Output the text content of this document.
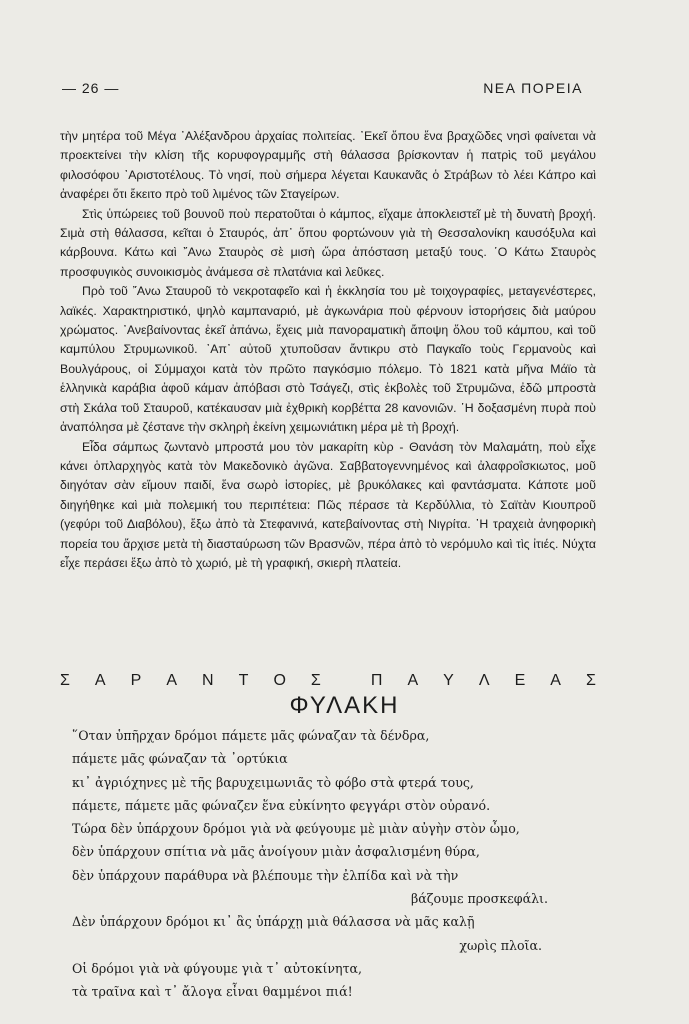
— 26 —	ΝΕΑ ΠΟΡΕΙΑ

τὴν μητέρα τοῦ Μέγα ᾿Αλέξανδρου ἀρχαίας πολιτείας. ᾿Εκεῖ ὅπου ἕνα βραχῶδες νησὶ φαίνεται νὰ προεκτείνει τὴν κλίση τῆς κορυφογραμμῆς στὴ θάλασσα βρίσκονταν ἡ πατρὶς τοῦ μεγάλου φιλοσόφου ᾿Αριστοτέλους. Τὸ νησί, ποὺ σήμερα λέγεται Καυκανᾶς ὁ Στράβων τὸ λέει Κάπρο καὶ ἀναφέρει ὅτι ἔκειτο πρὸ τοῦ λιμένος τῶν Σταγείρων.

Στὶς ὑπώρειες τοῦ βουνοῦ ποὺ περατοῦται ὁ κάμπος, εἴχαμε ἀποκλειστεῖ μὲ τὴ δυνατὴ βροχή. Σιμὰ στὴ θάλασσα, κεῖται ὁ Σταυρός, ἀπ᾿ ὅπου φορτώνουν γιὰ τὴ Θεσσαλονίκη καυσόξυλα καὶ κάρβουνα. Κάτω καὶ ῎Ανω Σταυρὸς σὲ μισὴ ὥρα ἀπόσταση μεταξύ τους. ῾Ο Κάτω Σταυρὸς προσφυγικὸς συνοικισμὸς ἀνάμεσα σὲ πλατάνια καὶ λεῦκες.

Πρὸ τοῦ ῎Ανω Σταυροῦ τὸ νεκροταφεῖο καὶ ἡ ἐκκλησία του μὲ τοιχογραφίες, μεταγενέστερες, λαϊκές. Χαρακτηριστικό, ψηλὸ καμπαναριό, μὲ ἀγκωνάρια ποὺ φέρνουν ἱστορήσεις διὰ μαύρου χρώματος. ᾿Ανεβαίνοντας ἐκεῖ ἀπάνω, ἔχεις μιὰ πανοραματικὴ ἄποψη ὅλου τοῦ κάμπου, καὶ τοῦ καμπύλου Στρυμωνικοῦ. ᾿Απ᾿ αὐτοῦ χτυποῦσαν ἄντικρυ στὸ Παγκαῖο τοὺς Γερμανοὺς καὶ Βουλγάρους, οἱ Σύμμαχοι κατὰ τὸν πρῶτο παγκόσμιο πόλεμο. Τὸ 1821 κατὰ μῆνα Μάϊο τὰ ἑλληνικὰ καράβια ἀφοῦ κάμαν ἀπόβασι στὸ Τσάγεζι, στὶς ἐκβολὲς τοῦ Στρυμῶνα, ἐδῶ μπροστὰ στὴ Σκάλα τοῦ Σταυροῦ, κατέκαυσαν μιὰ ἐχθρικὴ κορβέττα 28 κανονιῶν. ῾Η δοξασμένη πυρὰ ποὺ ἀναπόλησα μὲ ζέστανε τὴν σκληρὴ ἐκείνη χειμωνιάτικη μέρα μὲ τὴ βροχή.

Εἶδα σάμπως ζωντανὸ μπροστά μου τὸν μακαρίτη κὺρ - Θανάση τὸν Μαλαμάτη, ποὺ εἶχε κάνει ὁπλαρχηγὸς κατὰ τὸν Μακεδονικὸ ἀγῶνα. Σαββατογεννημένος καὶ ἀλαφροΐσκιωτος, μοῦ διηγόταν σὰν εἴμουν παιδί, ἕνα σωρὸ ἱστορίες, μὲ βρυκόλακες καὶ φαντάσματα. Κάποτε μοῦ διηγήθηκε καὶ μιὰ πολεμική του περιπέτεια: Πῶς πέρασε τὰ Κερδύλλια, τὸ Σαϊτὰν Κιουπροῦ (γεφύρι τοῦ Διαβόλου), ἔξω ἀπὸ τὰ Στεφανινά, κατεβαίνοντας στὴ Νιγρίτα. ῾Η τραχειὰ ἀνηφορικὴ πορεία του ἄρχισε μετὰ τὴ διασταύρωση τῶν Βρασνῶν, πέρα ἀπὸ τὸ νερόμυλο καὶ τὶς ἰτιές. Νύχτα εἶχε περάσει ἔξω ἀπὸ τὸ χωριό, μὲ τὴ γραφική, σκιερὴ πλατεία.

Σ Α Ρ Α Ν Τ Ο Σ	Π Α Υ Λ Ε Α Σ
ΦΥΛΑΚΗ
῞Οταν ὑπῆρχαν δρόμοι πάμετε μᾶς φώναζαν τὰ δένδρα,
πάμετε μᾶς φώναζαν τὰ ᾿ορτύκια
κι᾿ ἀγριόχηνες μὲ τῆς βαρυχειμωνιᾶς τὸ φόβο στὰ φτερά τους,
πάμετε, πάμετε μᾶς φώναζεν ἕνα εὐκίνητο φεγγάρι στὸν οὐρανό.
Τώρα δὲν ὑπάρχουν δρόμοι γιὰ νὰ φεύγουμε μὲ μιὰν αὐγὴν στὸν ὦμο,
δὲν ὑπάρχουν σπίτια νὰ μᾶς ἀνοίγουν μιὰν ἀσφαλισμένη θύρα,
δὲν ὑπάρχουν παράθυρα νὰ βλέπουμε τὴν ἐλπίδα καὶ νὰ τὴν
βάζουμε προσκεφάλι.
Δὲν ὑπάρχουν δρόμοι κι᾿ ἂς ὑπάρχῃ μιὰ θάλασσα νὰ μᾶς καλῇ
χωρὶς πλοῖα.
Οἱ δρόμοι γιὰ νὰ φύγουμε γιὰ τ᾿ αὐτοκίνητα,
τὰ τραῖνα καὶ τ᾿ ἄλογα εἶναι θαμμένοι πιά!
